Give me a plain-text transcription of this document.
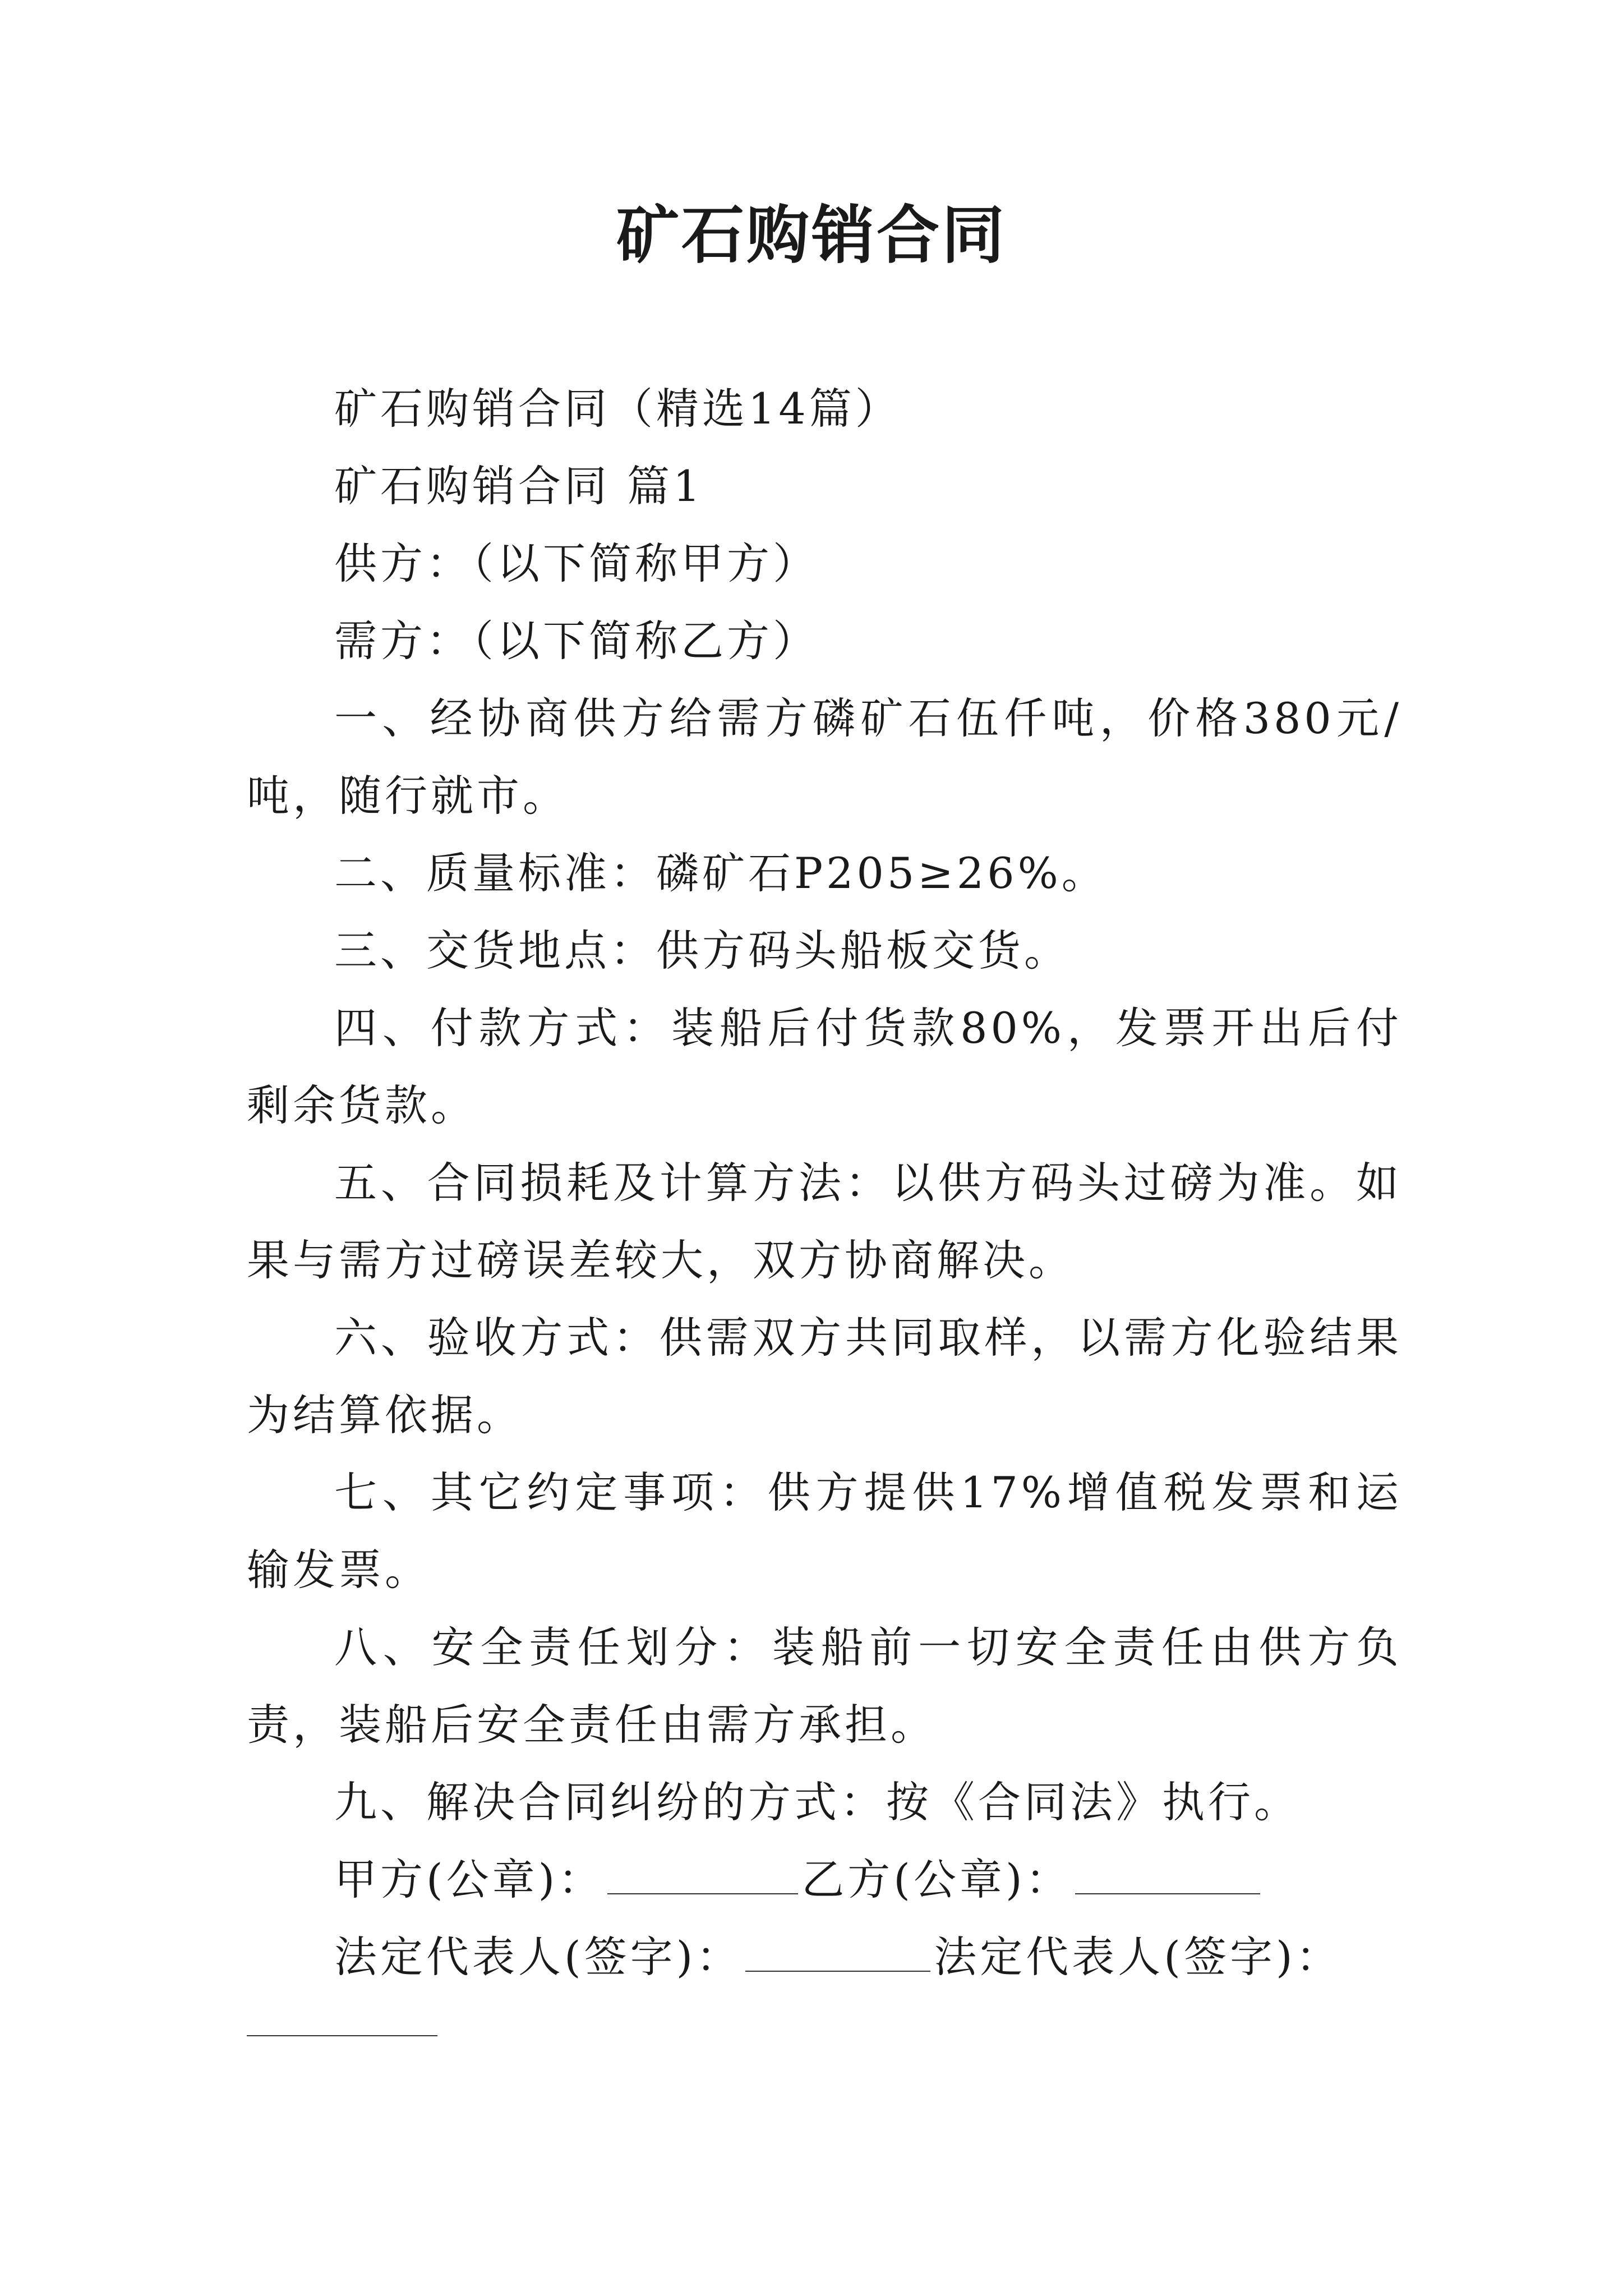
矿石购销合同

矿石购销合同（精选14篇）

矿石购销合同 篇1

供方：（以下简称甲方）

需方：（以下简称乙方）

一、经协商供方给需方磷矿石伍仟吨，价格380元/吨，随行就市。

二、质量标准：磷矿石P205≥26%。

三、交货地点：供方码头船板交货。

四、付款方式：装船后付货款80%，发票开出后付剩余货款。

五、合同损耗及计算方法：以供方码头过磅为准。如果与需方过磅误差较大，双方协商解决。

六、验收方式：供需双方共同取样，以需方化验结果为结算依据。

七、其它约定事项：供方提供17%增值税发票和运输发票。

八、安全责任划分：装船前一切安全责任由供方负责，装船后安全责任由需方承担。

九、解决合同纠纷的方式：按《合同法》执行。

甲方(公章)：	乙方(公章)：

法定代表人(签字)：	法定代表人(签字)：
